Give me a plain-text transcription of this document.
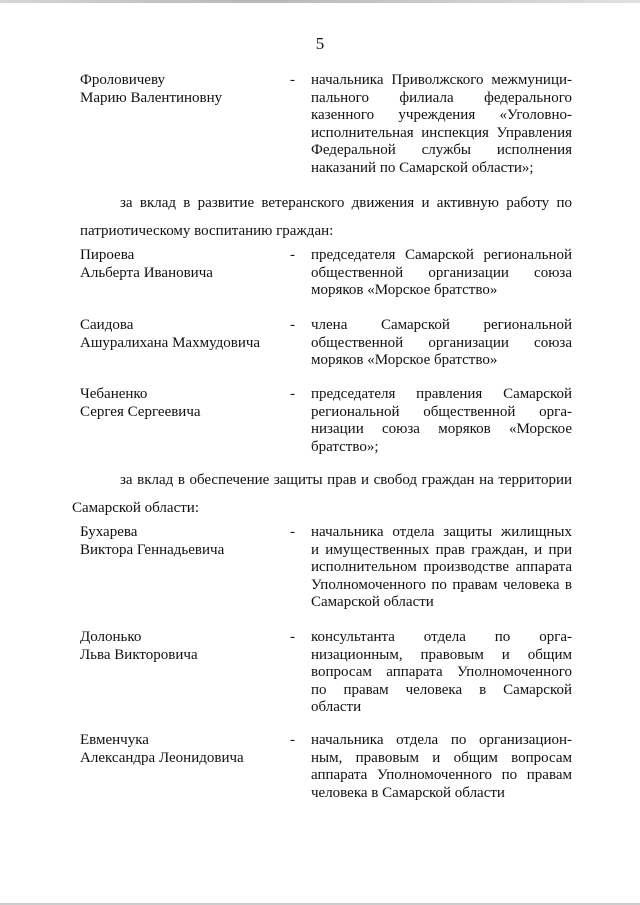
5
Фроловичеву
Марию Валентиновну
- начальника Приволжского межмуници-
пального филиала федерального
казенного учреждения «Уголовно-
исполнительная инспекция Управления
Федеральной службы исполнения
наказаний по Самарской области»;
за вклад в развитие ветеранского движения и активную работу по
патриотическому воспитанию граждан:
Пироева
Альберта Ивановича
- председателя Самарской региональной
общественной организации союза
моряков «Морское братство»
Саидова
Ашуралихана Махмудовича
- члена Самарской региональной
общественной организации союза
моряков «Морское братство»
Чебаненко
Сергея Сергеевича
- председателя правления Самарской
региональной общественной орга-
низации союза моряков «Морское
братство»;
за вклад в обеспечение защиты прав и свобод граждан на территории
Самарской области:
Бухарева
Виктора Геннадьевича
- начальника отдела защиты жилищных
и имущественных прав граждан, и при
исполнительном производстве аппарата
Уполномоченного по правам человека в
Самарской области
Долонько
Льва Викторовича
- консультанта отдела по орга-
низационным, правовым и общим
вопросам аппарата Уполномоченного
по правам человека в Самарской
области
Евменчука
Александра Леонидовича
- начальника отдела по организацион-
ным, правовым и общим вопросам
аппарата Уполномоченного по правам
человека в Самарской области
